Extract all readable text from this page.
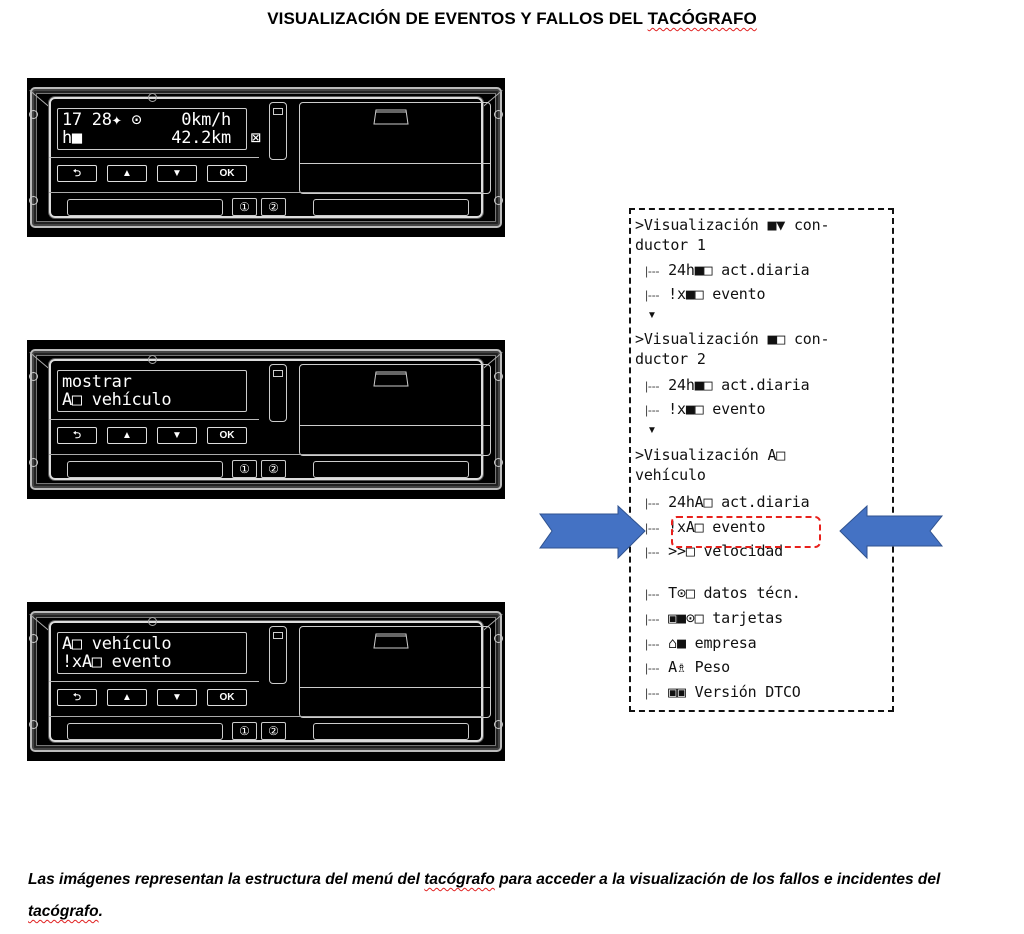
VISUALIZACIÓN DE EVENTOS Y FALLOS DEL TACÓGRAFO
17 28✦ ⊙    0km/h
h■         42.2km  ⊠
⮌	▲	▼	OK
①	②
mostrar
A□ vehículo
⮌	▲	▼	OK
①	②
A□ vehículo
!xA□ evento
⮌	▲	▼	OK
①	②
>Visualización ■▼ con-
ductor 1
|--- 24h■□ act.diaria
|--- !x■□ evento
▼
>Visualización ■□ con-
ductor 2
|--- 24h■□ act.diaria
|--- !x■□ evento
▼
>Visualización A□
vehículo
|--- 24hA□ act.diaria
|--- !xA□ evento
|--- >>□ velocidad
|--- T⊙□ datos técn.
|--- ▣■⊙□ tarjetas
|--- ⌂■ empresa
|--- A♗ Peso
|--- ▣▣ Versión DTCO
Las imágenes representan la estructura del menú del tacógrafo para acceder a la visualización de los fallos e incidentes del tacógrafo.
